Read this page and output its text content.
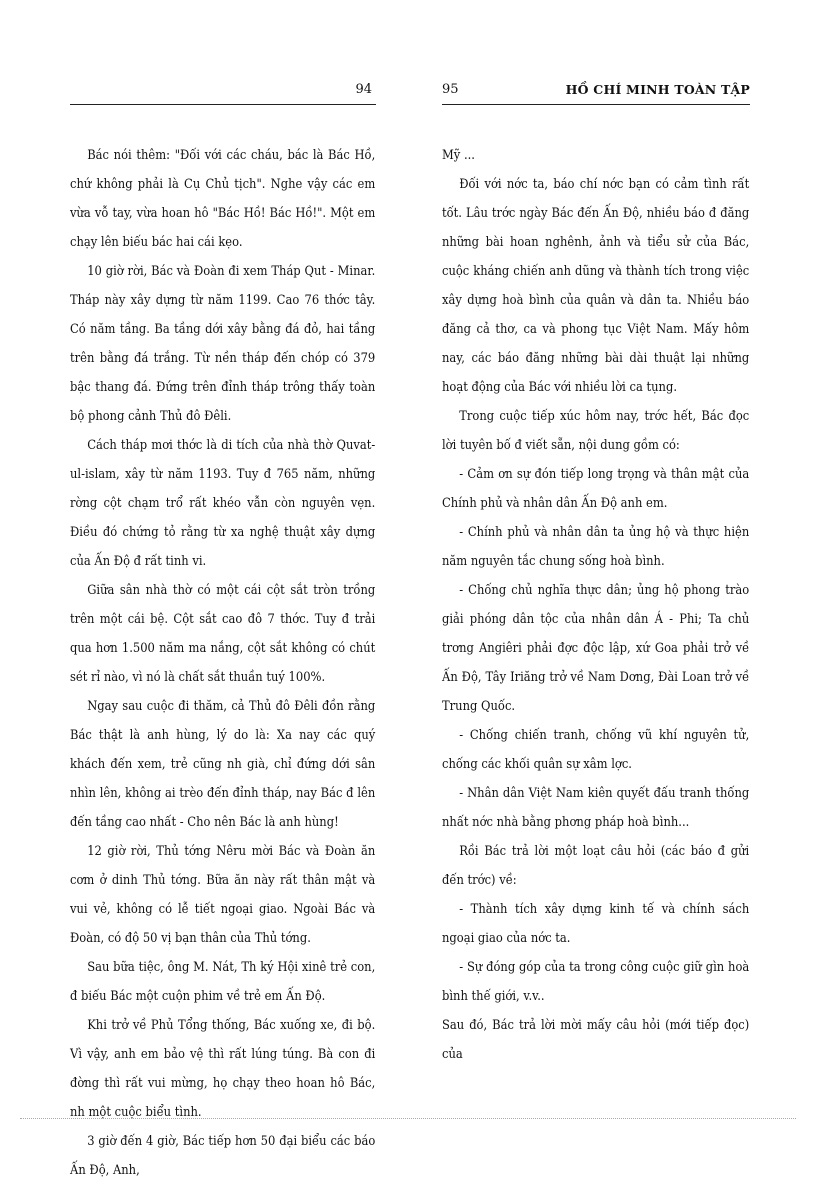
94

Bác nói thêm: "Đối với các cháu, bác là Bác Hồ, chứ không phải là Cụ Chủ tịch". Nghe vậy các em vừa vỗ tay, vừa hoan hô "Bác Hồ! Bác Hồ!". Một em chạy lên biếu bác hai cái kẹo.

10 giờ rời, Bác và Đoàn đi xem Tháp Qut - Minar. Tháp này xây dựng từ năm 1199. Cao 76 thớc tây. Có năm tầng. Ba tầng dới xây bằng đá đỏ, hai tầng trên bằng đá trắng. Từ nền tháp đến chóp có 379 bậc thang đá. Đứng trên đỉnh tháp trông thấy toàn bộ phong cảnh Thủ đô Đêli.

Cách tháp mơi thớc là di tích của nhà thờ Quvat-ul-islam, xây từ năm 1193. Tuy đ 765 năm, những rờng cột chạm trổ rất khéo vẫn còn nguyên vẹn. Điều đó chứng tỏ rằng từ xa nghệ thuật xây dựng của Ấn Độ đ rất tinh vi.

Giữa sân nhà thờ có một cái cột sắt tròn trồng trên một cái bệ. Cột sắt cao đô 7 thớc. Tuy đ trải qua hơn 1.500 năm ma nắng, cột sắt không có chút sét rỉ nào, vì nó là chất sắt thuần tuý 100%.

Ngay sau cuộc đi thăm, cả Thủ đô Đêli đồn rằng Bác thật là anh hùng, lý do là: Xa nay các quý khách đến xem, trẻ cũng nh già, chỉ đứng dới sân nhìn lên, không ai trèo đến đỉnh tháp, nay Bác đ lên đến tầng cao nhất - Cho nên Bác là anh hùng!

12 giờ rời, Thủ tớng Nêru mời Bác và Đoàn ăn cơm ở dinh Thủ tớng. Bữa ăn này rất thân mật và vui vẻ, không có lễ tiết ngoại giao. Ngoài Bác và Đoàn, có độ 50 vị bạn thân của Thủ tớng.

Sau bữa tiệc, ông M. Nát, Th ký Hội xinê trẻ con, đ biếu Bác một cuộn phim về trẻ em Ấn Độ.

Khi trở về Phủ Tổng thống, Bác xuống xe, đi bộ. Vì vậy, anh em bảo vệ thì rất lúng túng. Bà con đi đờng thì rất vui mừng, họ chạy theo hoan hô Bác, nh một cuộc biểu tình.

3 giờ đến 4 giờ, Bác tiếp hơn 50 đại biểu các báo Ấn Độ, Anh,

95	HỒ CHÍ MINH TOÀN TẬP

Mỹ ...

Đối với nớc ta, báo chí nớc bạn có cảm tình rất tốt. Lâu trớc ngày Bác đến Ấn Độ, nhiều báo đ đăng những bài hoan nghênh, ảnh và tiểu sử của Bác, cuộc kháng chiến anh dũng và thành tích trong việc xây dựng hoà bình của quân và dân ta. Nhiều báo đăng cả thơ, ca và phong tục Việt Nam. Mấy hôm nay, các báo đăng những bài dài thuật lại những hoạt động của Bác với nhiều lời ca tụng.

Trong cuộc tiếp xúc hôm nay, trớc hết, Bác đọc lời tuyên bố đ viết sẵn, nội dung gồm có:

- Cảm ơn sự đón tiếp long trọng và thân mật của Chính phủ và nhân dân Ấn Độ anh em.

- Chính phủ và nhân dân ta ủng hộ và thực hiện năm nguyên tắc chung sống hoà bình.

- Chống chủ nghĩa thực dân; ủng hộ phong trào giải phóng dân tộc của nhân dân Á - Phi; Ta chủ trơng Angiêri phải đợc độc lập, xứ Goa phải trở về Ấn Độ, Tây Iriăng trở về Nam Dơng, Đài Loan trở về Trung Quốc.

- Chống chiến tranh, chống vũ khí nguyên tử, chống các khối quân sự xâm lợc.

- Nhân dân Việt Nam kiên quyết đấu tranh thống nhất nớc nhà bằng phơng pháp hoà bình...

Rồi Bác trả lời một loạt câu hỏi (các báo đ gửi đến trớc) về:

- Thành tích xây dựng kinh tế và chính sách ngoại giao của nớc ta.

- Sự đóng góp của ta trong công cuộc giữ gìn hoà bình thế giới, v.v..

Sau đó, Bác trả lời mời mấy câu hỏi (mới tiếp đọc) của
